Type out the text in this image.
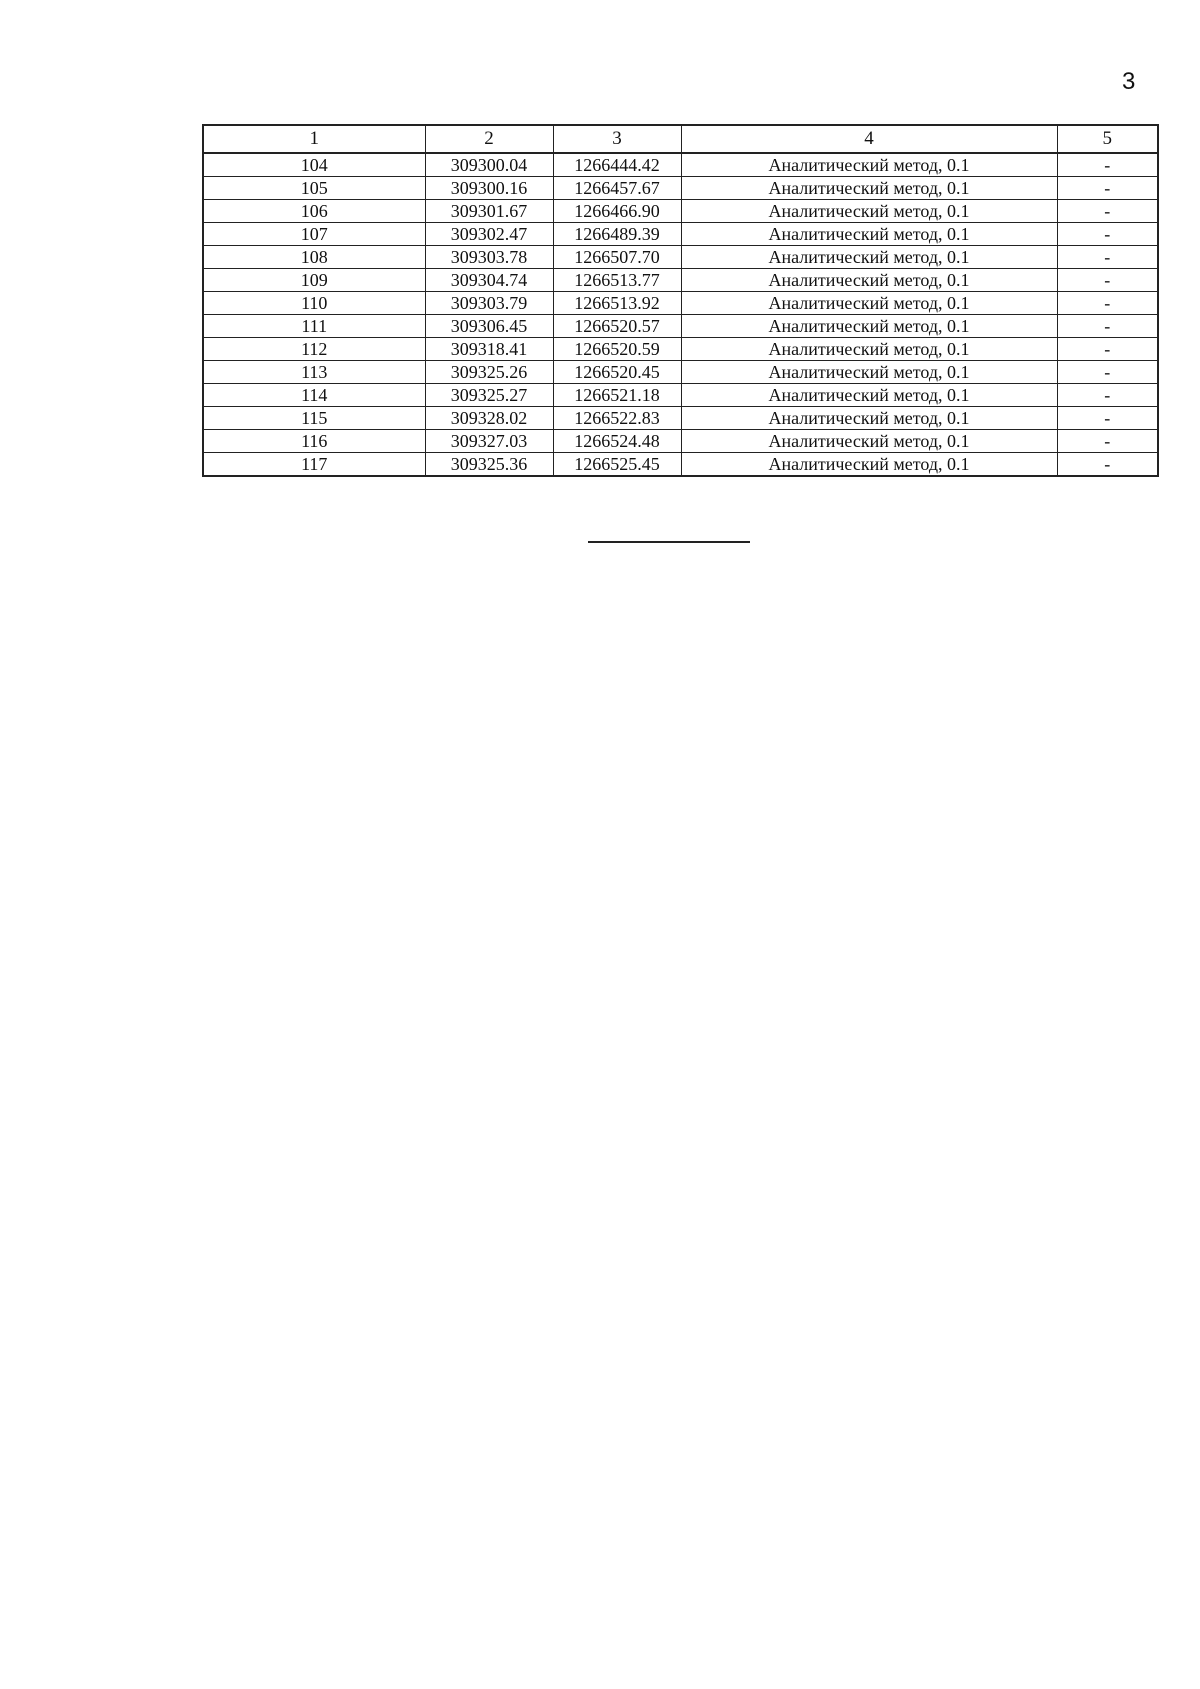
3
1	2	3	4	5
104	309300.04	1266444.42	Аналитический метод, 0.1	-
105	309300.16	1266457.67	Аналитический метод, 0.1	-
106	309301.67	1266466.90	Аналитический метод, 0.1	-
107	309302.47	1266489.39	Аналитический метод, 0.1	-
108	309303.78	1266507.70	Аналитический метод, 0.1	-
109	309304.74	1266513.77	Аналитический метод, 0.1	-
110	309303.79	1266513.92	Аналитический метод, 0.1	-
111	309306.45	1266520.57	Аналитический метод, 0.1	-
112	309318.41	1266520.59	Аналитический метод, 0.1	-
113	309325.26	1266520.45	Аналитический метод, 0.1	-
114	309325.27	1266521.18	Аналитический метод, 0.1	-
115	309328.02	1266522.83	Аналитический метод, 0.1	-
116	309327.03	1266524.48	Аналитический метод, 0.1	-
117	309325.36	1266525.45	Аналитический метод, 0.1	-
